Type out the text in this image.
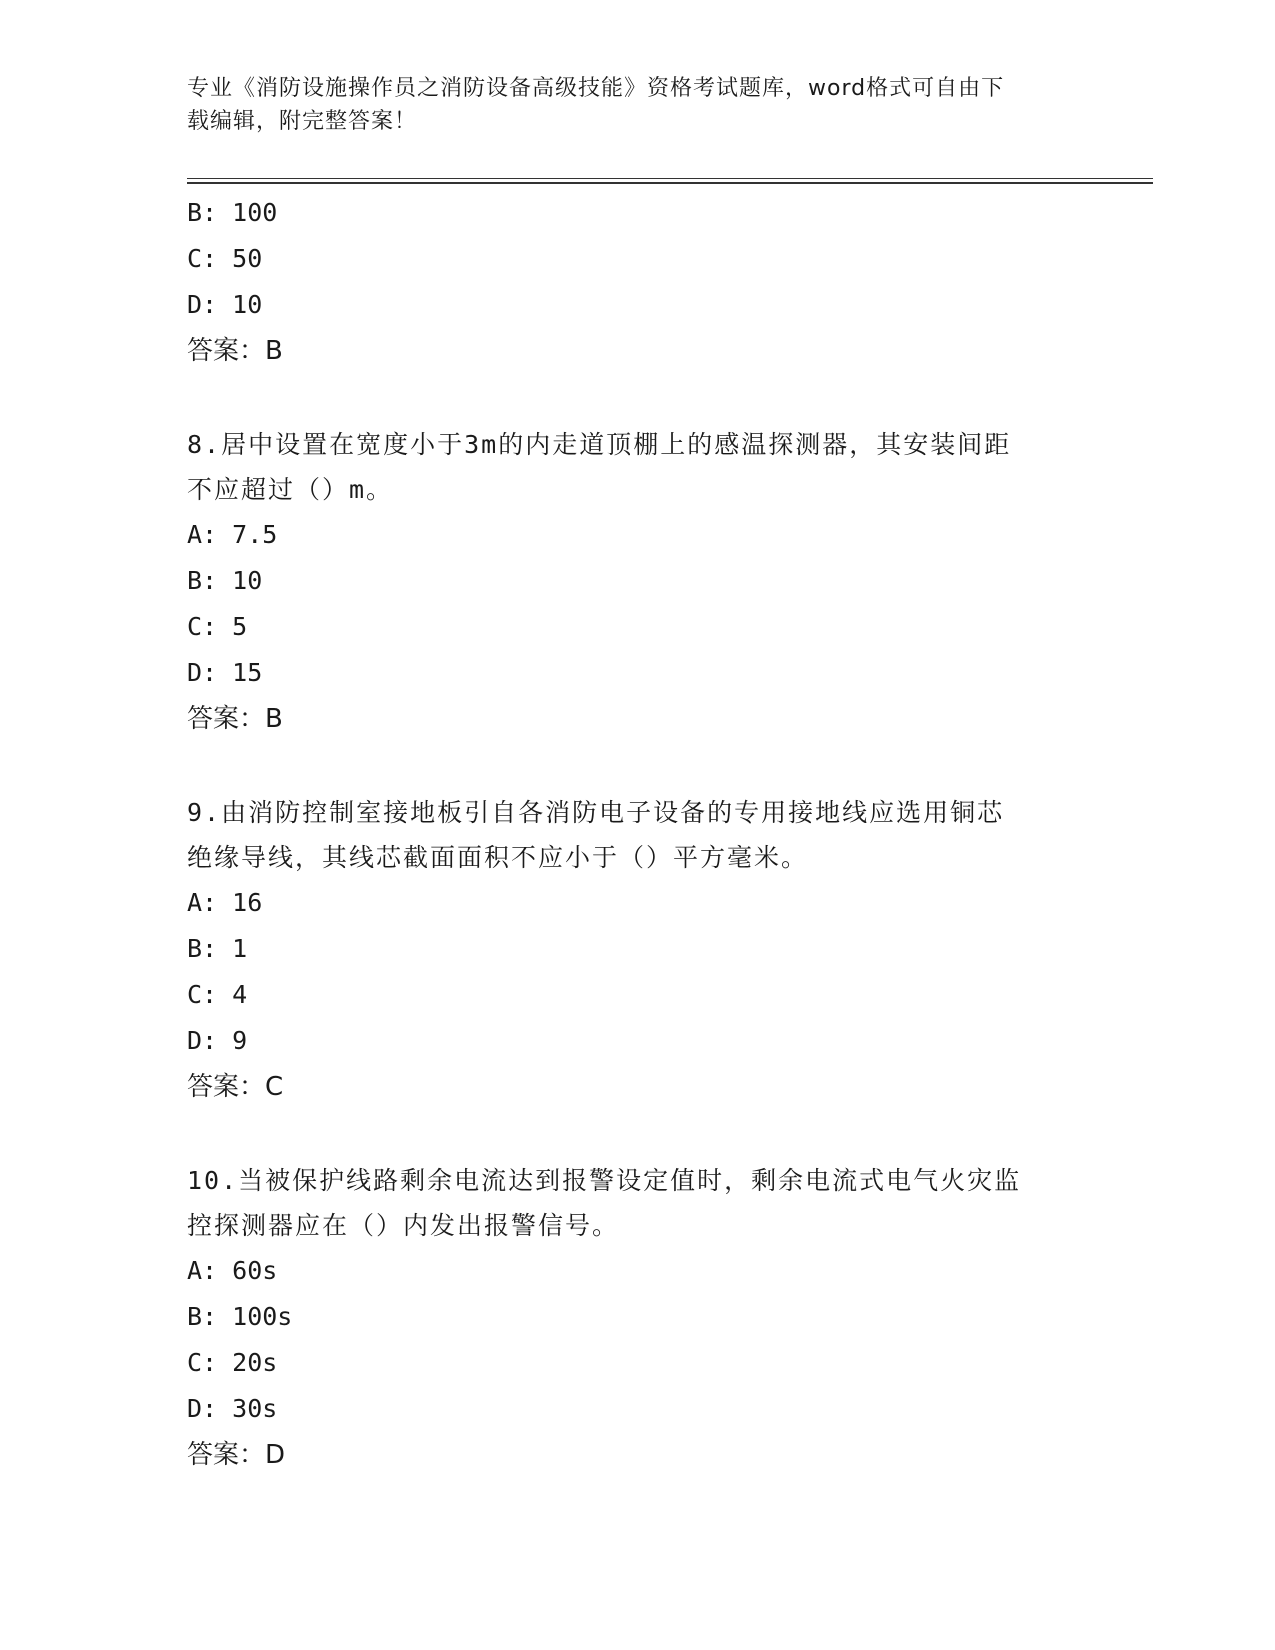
专业《消防设施操作员之消防设备高级技能》资格考试题库，word格式可自由下
载编辑，附完整答案！
B: 100
C: 50
D: 10
答案：B
8.居中设置在宽度小于3m的内走道顶棚上的感温探测器，其安装间距
不应超过（）m。
A: 7.5
B: 10
C: 5
D: 15
答案：B
9.由消防控制室接地板引自各消防电子设备的专用接地线应选用铜芯
绝缘导线，其线芯截面面积不应小于（）平方毫米。
A: 16
B: 1
C: 4
D: 9
答案：C
10.当被保护线路剩余电流达到报警设定值时，剩余电流式电气火灾监
控探测器应在（）内发出报警信号。
A: 60s
B: 100s
C: 20s
D: 30s
答案：D
